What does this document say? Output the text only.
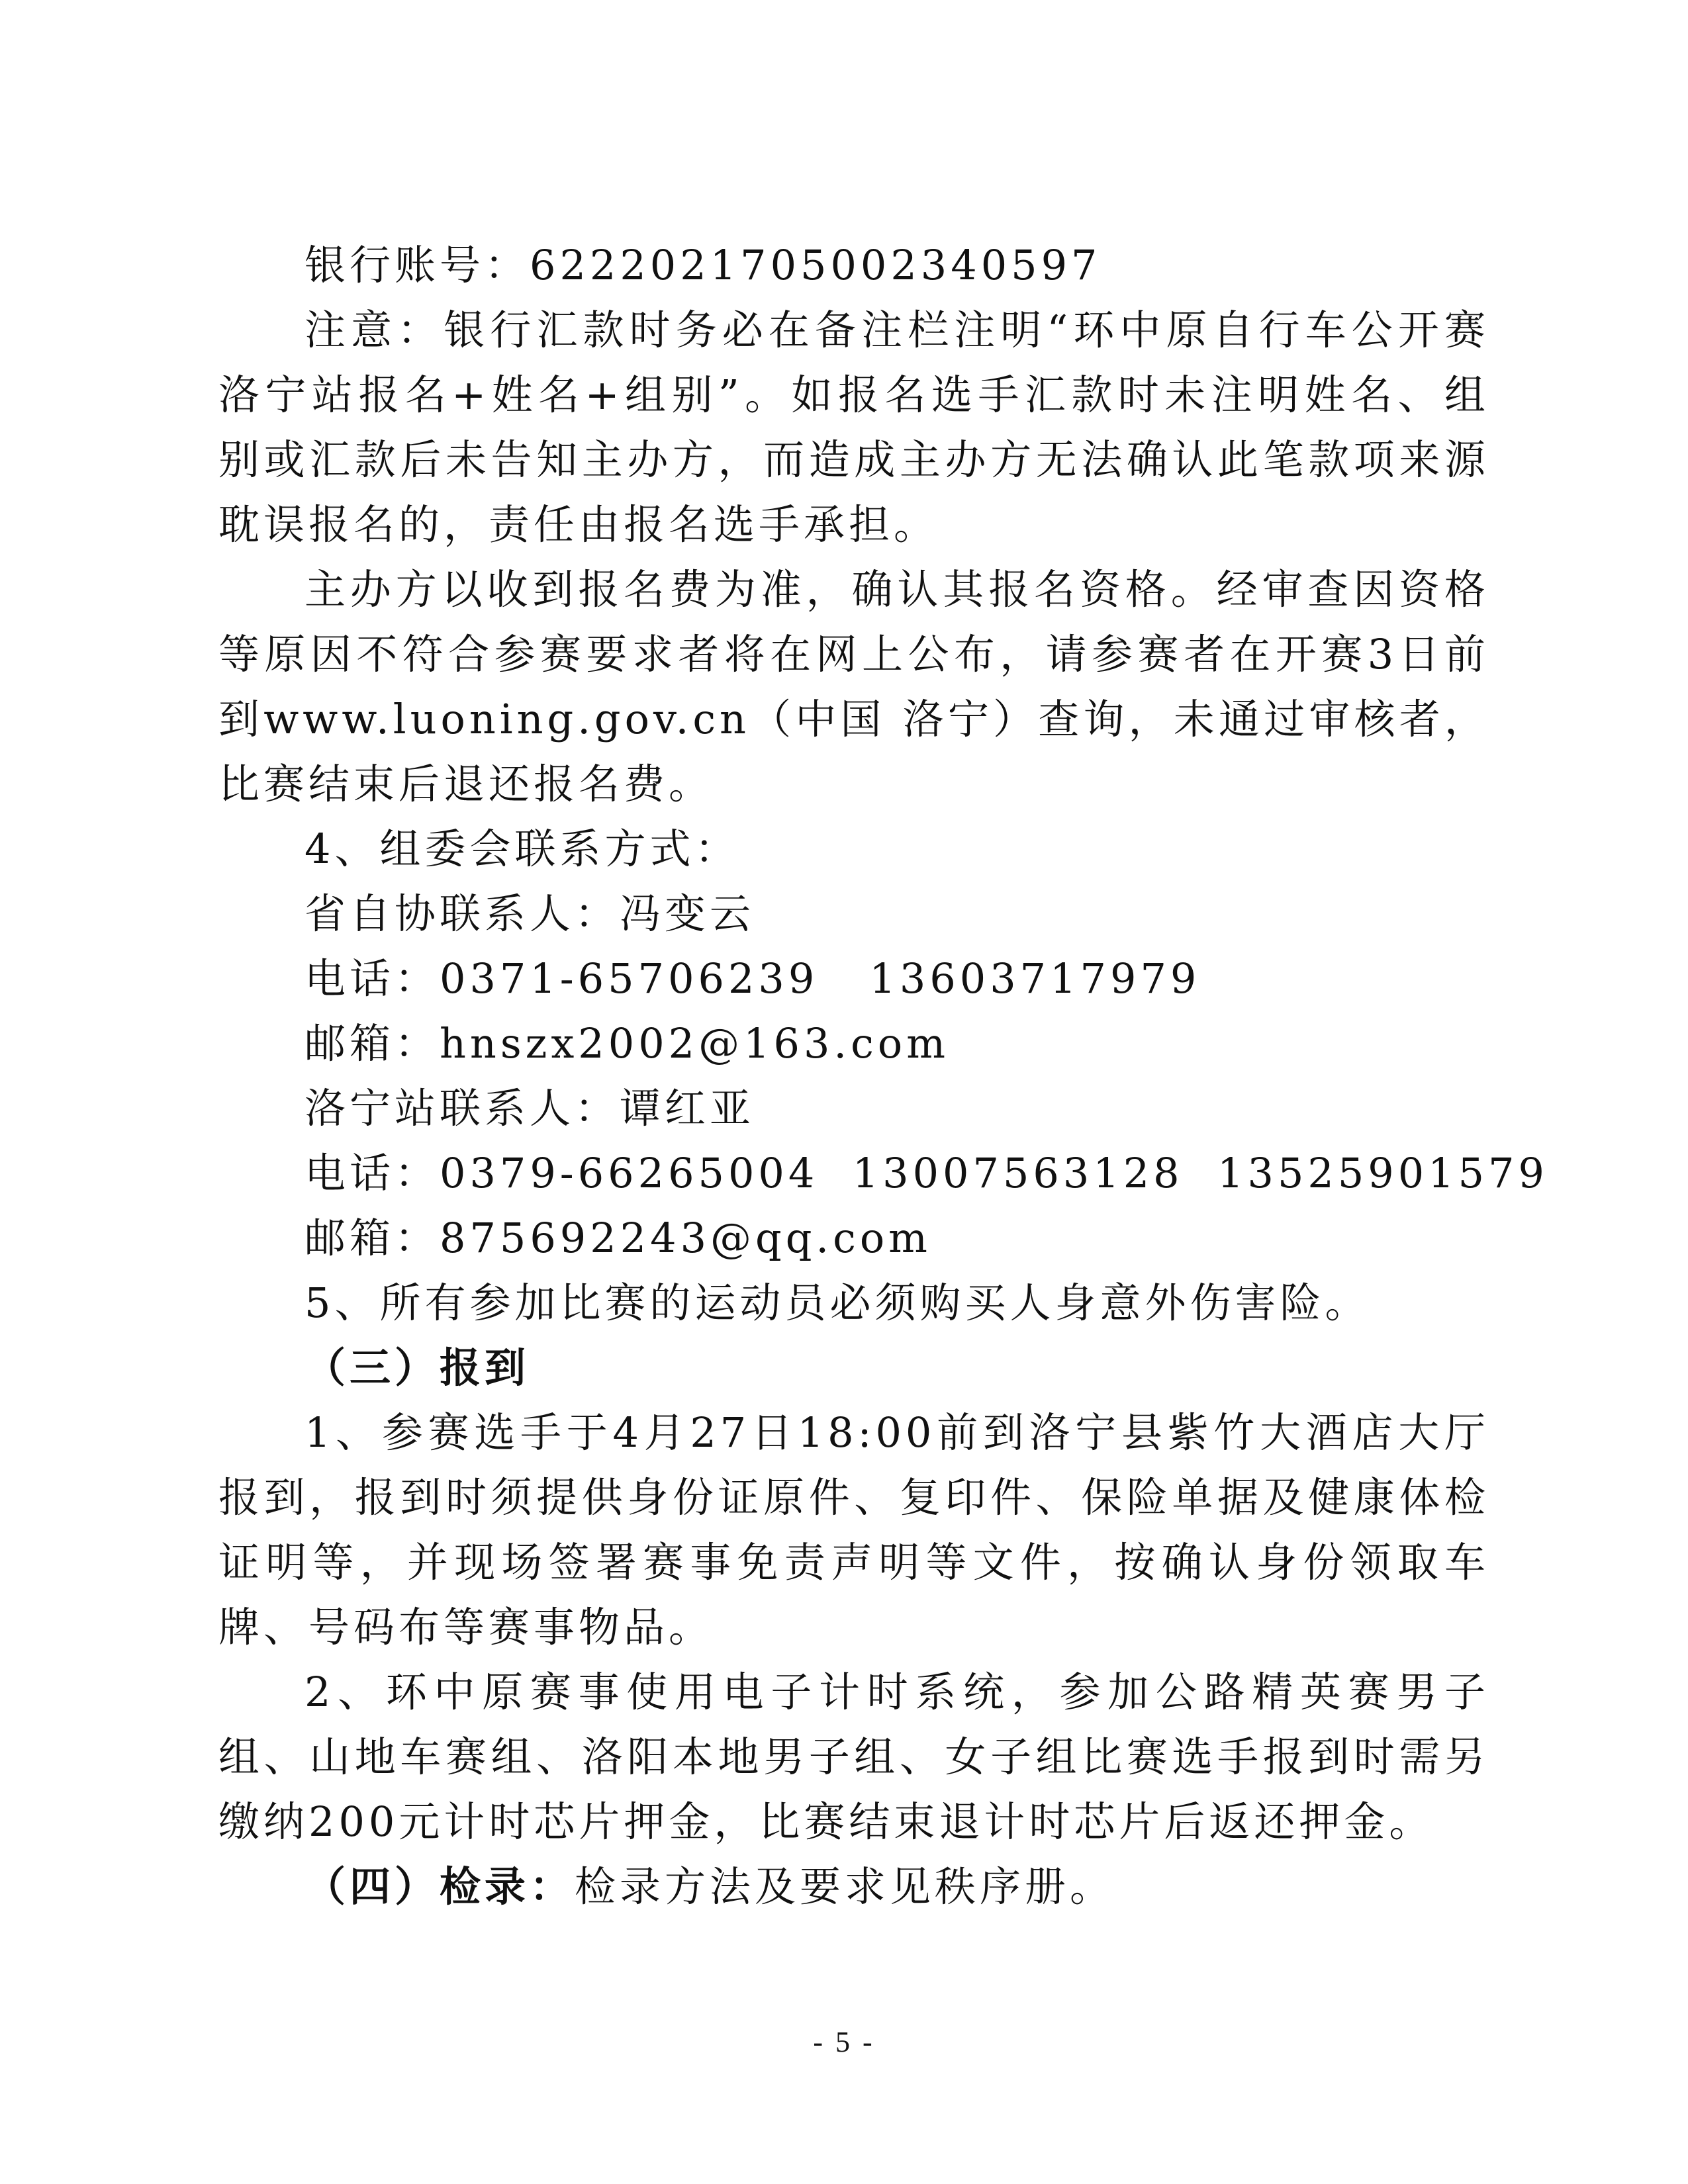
银行账号：6222021705002340597

注意：银行汇款时务必在备注栏注明“环中原自行车公开赛洛宁站报名+姓名+组别”。如报名选手汇款时未注明姓名、组别或汇款后未告知主办方，而造成主办方无法确认此笔款项来源耽误报名的，责任由报名选手承担。

主办方以收到报名费为准，确认其报名资格。经审查因资格等原因不符合参赛要求者将在网上公布，请参赛者在开赛3日前到www.luoning.gov.cn（中国 洛宁）查询，未通过审核者，比赛结束后退还报名费。

4、组委会联系方式：

省自协联系人：冯变云

电话：0371-65706239   13603717979

邮箱：hnszx2002@163.com

洛宁站联系人：谭红亚

电话：0379-66265004  13007563128  13525901579

邮箱：875692243@qq.com

5、所有参加比赛的运动员必须购买人身意外伤害险。

（三）报到

1、参赛选手于4月27日18:00前到洛宁县紫竹大酒店大厅报到，报到时须提供身份证原件、复印件、保险单据及健康体检证明等，并现场签署赛事免责声明等文件，按确认身份领取车牌、号码布等赛事物品。

2、环中原赛事使用电子计时系统，参加公路精英赛男子组、山地车赛组、洛阳本地男子组、女子组比赛选手报到时需另缴纳200元计时芯片押金，比赛结束退计时芯片后返还押金。

（四）检录：检录方法及要求见秩序册。

- 5 -
